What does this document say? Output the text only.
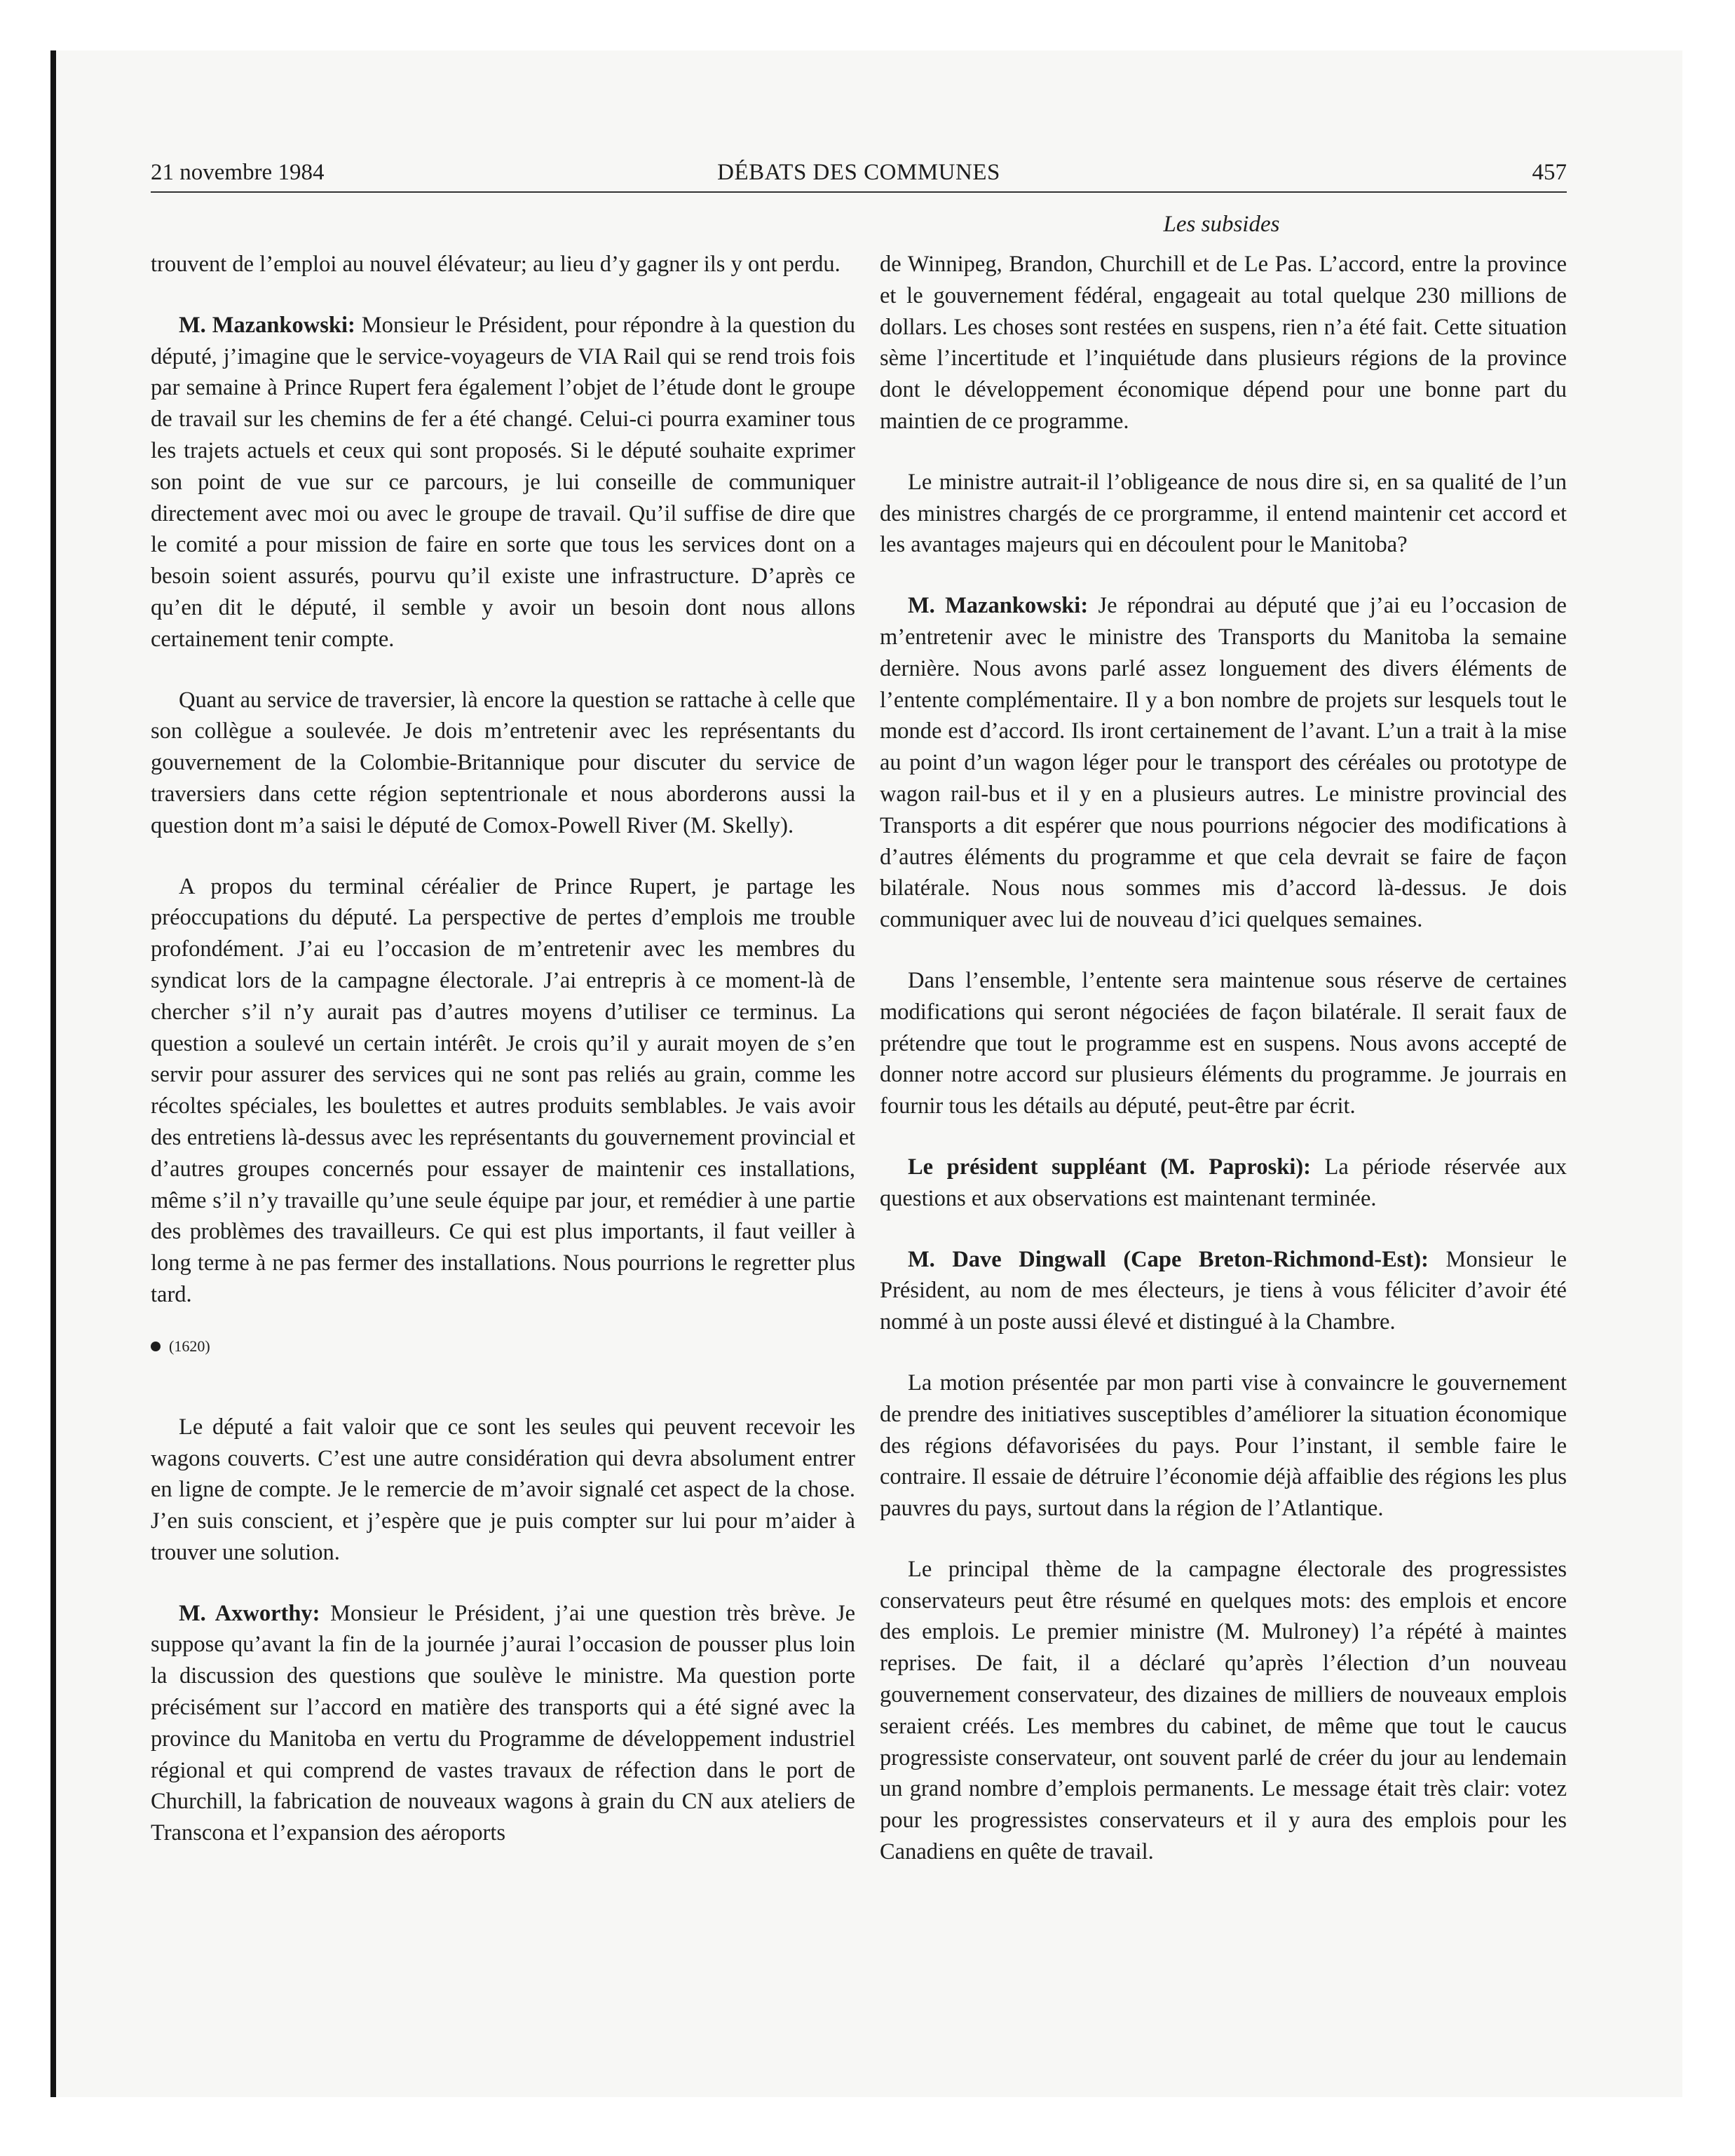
21 novembre 1984	DÉBATS DES COMMUNES	457
Les subsides

trouvent de l’emploi au nouvel élévateur; au lieu d’y gagner ils y ont perdu.

M. Mazankowski: Monsieur le Président, pour répondre à la question du député, j’imagine que le service-voyageurs de VIA Rail qui se rend trois fois par semaine à Prince Rupert fera également l’objet de l’étude dont le groupe de travail sur les chemins de fer a été changé. Celui-ci pourra examiner tous les trajets actuels et ceux qui sont proposés. Si le député souhaite exprimer son point de vue sur ce parcours, je lui conseille de communiquer directement avec moi ou avec le groupe de travail. Qu’il suffise de dire que le comité a pour mission de faire en sorte que tous les services dont on a besoin soient assurés, pourvu qu’il existe une infrastructure. D’après ce qu’en dit le député, il semble y avoir un besoin dont nous allons certainement tenir compte.

Quant au service de traversier, là encore la question se rattache à celle que son collègue a soulevée. Je dois m’entretenir avec les représentants du gouvernement de la Colombie-Britannique pour discuter du service de traversiers dans cette région septentrionale et nous aborderons aussi la question dont m’a saisi le député de Comox-Powell River (M. Skelly).

A propos du terminal céréalier de Prince Rupert, je partage les préoccupations du député. La perspective de pertes d’emplois me trouble profondément. J’ai eu l’occasion de m’entretenir avec les membres du syndicat lors de la campagne électorale. J’ai entrepris à ce moment-là de chercher s’il n’y aurait pas d’autres moyens d’utiliser ce terminus. La question a soulevé un certain intérêt. Je crois qu’il y aurait moyen de s’en servir pour assurer des services qui ne sont pas reliés au grain, comme les récoltes spéciales, les boulettes et autres produits semblables. Je vais avoir des entretiens là-dessus avec les représentants du gouvernement provincial et d’autres groupes concernés pour essayer de maintenir ces installations, même s’il n’y travaille qu’une seule équipe par jour, et remédier à une partie des problèmes des travailleurs. Ce qui est plus importants, il faut veiller à long terme à ne pas fermer des installations. Nous pourrions le regretter plus tard.

(1620)

Le député a fait valoir que ce sont les seules qui peuvent recevoir les wagons couverts. C’est une autre considération qui devra absolument entrer en ligne de compte. Je le remercie de m’avoir signalé cet aspect de la chose. J’en suis conscient, et j’espère que je puis compter sur lui pour m’aider à trouver une solution.

M. Axworthy: Monsieur le Président, j’ai une question très brève. Je suppose qu’avant la fin de la journée j’aurai l’occasion de pousser plus loin la discussion des questions que soulève le ministre. Ma question porte précisément sur l’accord en matière des transports qui a été signé avec la province du Manitoba en vertu du Programme de développement industriel régional et qui comprend de vastes travaux de réfection dans le port de Churchill, la fabrication de nouveaux wagons à grain du CN aux ateliers de Transcona et l’expansion des aéroports

de Winnipeg, Brandon, Churchill et de Le Pas. L’accord, entre la province et le gouvernement fédéral, engageait au total quelque 230 millions de dollars. Les choses sont restées en suspens, rien n’a été fait. Cette situation sème l’incertitude et l’inquiétude dans plusieurs régions de la province dont le développement économique dépend pour une bonne part du maintien de ce programme.

Le ministre autrait-il l’obligeance de nous dire si, en sa qualité de l’un des ministres chargés de ce prorgramme, il entend maintenir cet accord et les avantages majeurs qui en découlent pour le Manitoba?

M. Mazankowski: Je répondrai au député que j’ai eu l’occasion de m’entretenir avec le ministre des Transports du Manitoba la semaine dernière. Nous avons parlé assez longuement des divers éléments de l’entente complémentaire. Il y a bon nombre de projets sur lesquels tout le monde est d’accord. Ils iront certainement de l’avant. L’un a trait à la mise au point d’un wagon léger pour le transport des céréales ou prototype de wagon rail-bus et il y en a plusieurs autres. Le ministre provincial des Transports a dit espérer que nous pourrions négocier des modifications à d’autres éléments du programme et que cela devrait se faire de façon bilatérale. Nous nous sommes mis d’accord là-dessus. Je dois communiquer avec lui de nouveau d’ici quelques semaines.

Dans l’ensemble, l’entente sera maintenue sous réserve de certaines modifications qui seront négociées de façon bilatérale. Il serait faux de prétendre que tout le programme est en suspens. Nous avons accepté de donner notre accord sur plusieurs éléments du programme. Je jourrais en fournir tous les détails au député, peut-être par écrit.

Le président suppléant (M. Paproski): La période réservée aux questions et aux observations est maintenant terminée.

M. Dave Dingwall (Cape Breton-Richmond-Est): Monsieur le Président, au nom de mes électeurs, je tiens à vous féliciter d’avoir été nommé à un poste aussi élevé et distingué à la Chambre.

La motion présentée par mon parti vise à convaincre le gouvernement de prendre des initiatives susceptibles d’améliorer la situation économique des régions défavorisées du pays. Pour l’instant, il semble faire le contraire. Il essaie de détruire l’économie déjà affaiblie des régions les plus pauvres du pays, surtout dans la région de l’Atlantique.

Le principal thème de la campagne électorale des progressistes conservateurs peut être résumé en quelques mots: des emplois et encore des emplois. Le premier ministre (M. Mulroney) l’a répété à maintes reprises. De fait, il a déclaré qu’après l’élection d’un nouveau gouvernement conservateur, des dizaines de milliers de nouveaux emplois seraient créés. Les membres du cabinet, de même que tout le caucus progressiste conservateur, ont souvent parlé de créer du jour au lendemain un grand nombre d’emplois permanents. Le message était très clair: votez pour les progressistes conservateurs et il y aura des emplois pour les Canadiens en quête de travail.
